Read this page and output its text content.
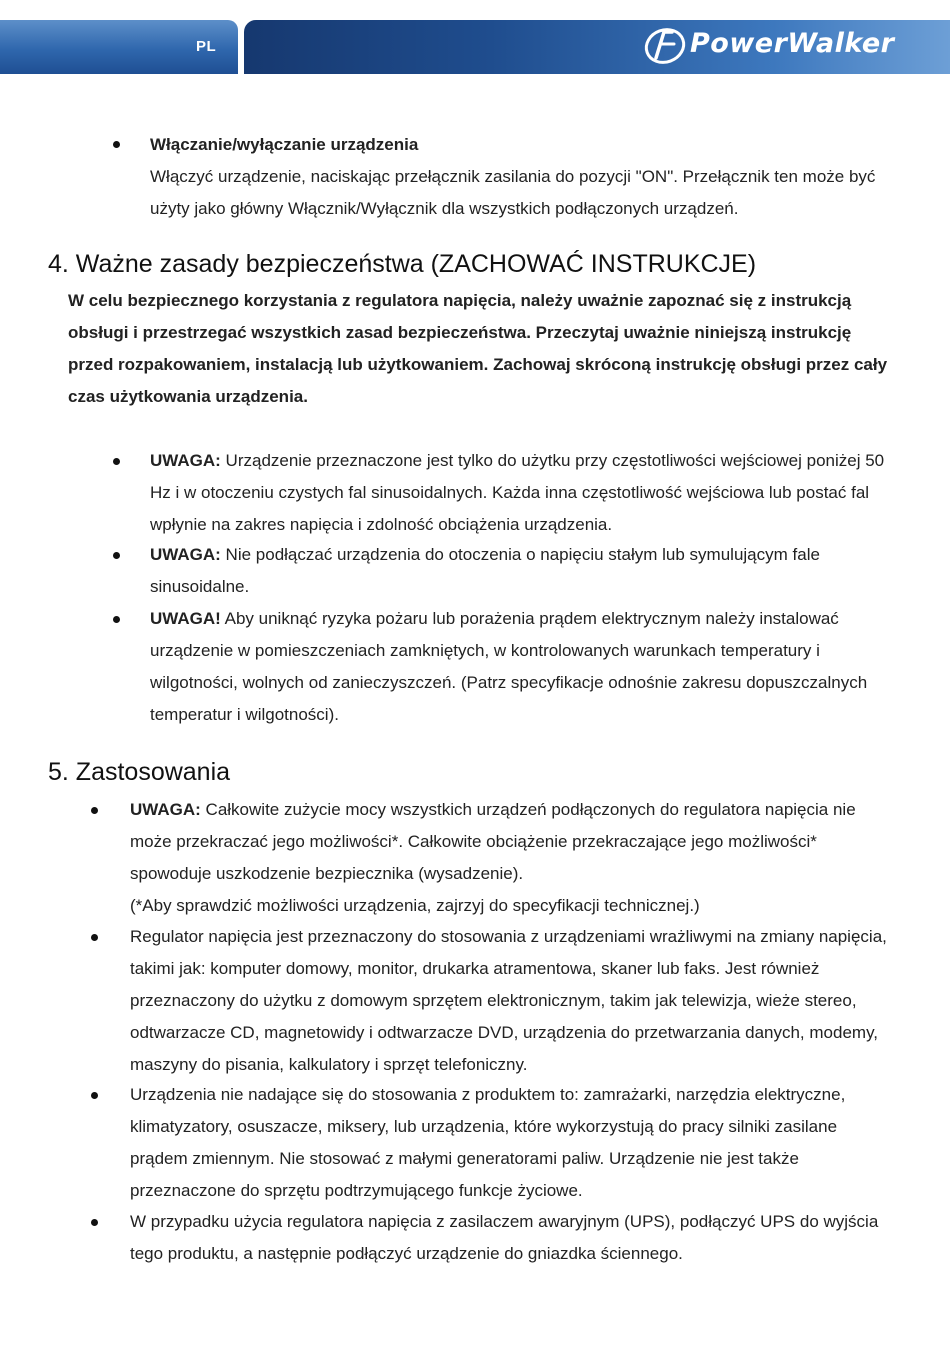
PL	PowerWalker
Włączanie/wyłączanie urządzenia
Włączyć urządzenie, naciskając przełącznik zasilania do pozycji "ON". Przełącznik ten może być użyty jako główny Włącznik/Wyłącznik dla wszystkich podłączonych urządzeń.
4. Ważne zasady bezpieczeństwa (ZACHOWAĆ INSTRUKCJE)
W celu bezpiecznego korzystania z regulatora napięcia, należy uważnie zapoznać się z instrukcją obsługi i przestrzegać wszystkich zasad bezpieczeństwa. Przeczytaj uważnie niniejszą instrukcję przed rozpakowaniem, instalacją lub użytkowaniem. Zachowaj skróconą instrukcję obsługi przez cały czas użytkowania urządzenia.
UWAGA: Urządzenie przeznaczone jest tylko do użytku przy częstotliwości wejściowej poniżej 50 Hz i w otoczeniu czystych fal sinusoidalnych. Każda inna częstotliwość wejściowa lub postać fal wpłynie na zakres napięcia i zdolność obciążenia urządzenia.
UWAGA: Nie podłączać urządzenia do otoczenia o napięciu stałym lub symulującym fale sinusoidalne.
UWAGA! Aby uniknąć ryzyka pożaru lub porażenia prądem elektrycznym należy instalować urządzenie w pomieszczeniach zamkniętych, w kontrolowanych warunkach temperatury i wilgotności, wolnych od zanieczyszczeń. (Patrz specyfikacje odnośnie zakresu dopuszczalnych temperatur i wilgotności).
5. Zastosowania
UWAGA: Całkowite zużycie mocy wszystkich urządzeń podłączonych do regulatora napięcia nie może przekraczać jego możliwości*. Całkowite obciążenie przekraczające jego możliwości* spowoduje uszkodzenie bezpiecznika (wysadzenie).
(*Aby sprawdzić możliwości urządzenia, zajrzyj do specyfikacji technicznej.)
Regulator napięcia jest przeznaczony do stosowania z urządzeniami wrażliwymi na zmiany napięcia, takimi jak: komputer domowy, monitor, drukarka atramentowa, skaner lub faks. Jest również przeznaczony do użytku z domowym sprzętem elektronicznym, takim jak telewizja, wieże stereo, odtwarzacze CD, magnetowidy i odtwarzacze DVD, urządzenia do przetwarzania danych, modemy, maszyny do pisania, kalkulatory i sprzęt telefoniczny.
Urządzenia nie nadające się do stosowania z produktem to: zamrażarki, narzędzia elektryczne, klimatyzatory, osuszacze, miksery, lub urządzenia, które wykorzystują do pracy silniki zasilane prądem zmiennym. Nie stosować z małymi generatorami paliw. Urządzenie nie jest także przeznaczone do sprzętu podtrzymującego funkcje życiowe.
W przypadku użycia regulatora napięcia z zasilaczem awaryjnym (UPS), podłączyć UPS do wyjścia tego produktu, a następnie podłączyć urządzenie do gniazdka ściennego.
